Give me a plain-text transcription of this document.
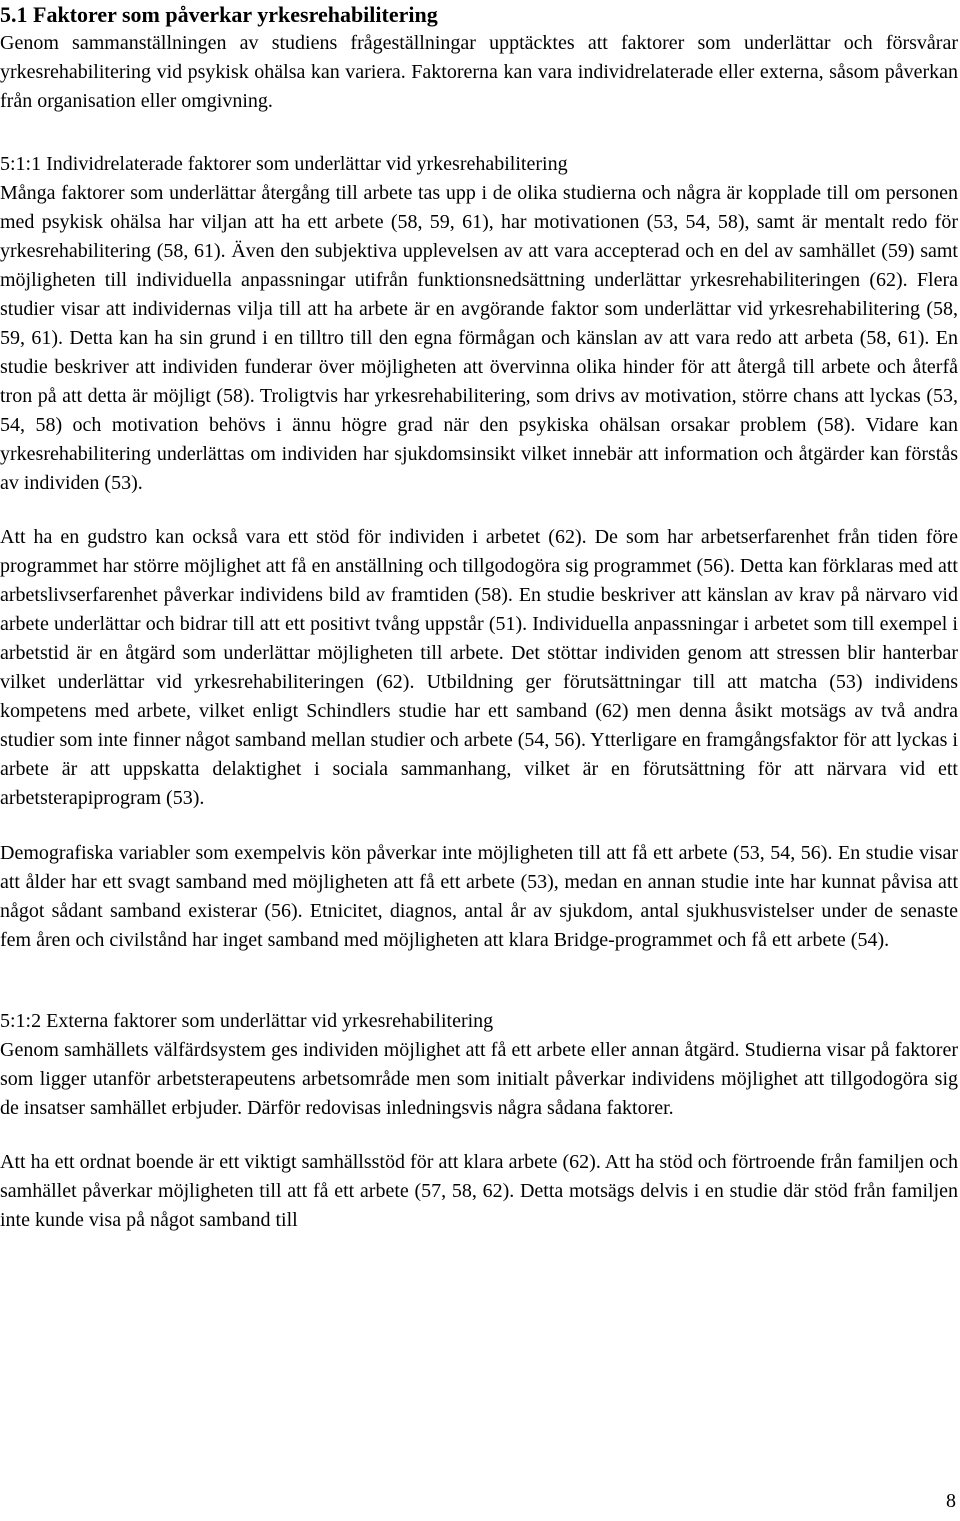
5.1 Faktorer som påverkar yrkesrehabilitering

Genom sammanställningen av studiens frågeställningar upptäcktes att faktorer som underlättar och försvårar yrkesrehabilitering vid psykisk ohälsa kan variera. Faktorerna kan vara individrelaterade eller externa, såsom påverkan från organisation eller omgivning.

5:1:1 Individrelaterade faktorer som underlättar vid yrkesrehabilitering

Många faktorer som underlättar återgång till arbete tas upp i de olika studierna och några är kopplade till om personen med psykisk ohälsa har viljan att ha ett arbete (58, 59, 61), har motivationen (53, 54, 58), samt är mentalt redo för yrkesrehabilitering (58, 61). Även den subjektiva upplevelsen av att vara accepterad och en del av samhället (59) samt möjligheten till individuella anpassningar utifrån funktionsnedsättning underlättar yrkesrehabiliteringen (62). Flera studier visar att individernas vilja till att ha arbete är en avgörande faktor som underlättar vid yrkesrehabilitering (58, 59, 61). Detta kan ha sin grund i en tilltro till den egna förmågan och känslan av att vara redo att arbeta (58, 61). En studie beskriver att individen funderar över möjligheten att övervinna olika hinder för att återgå till arbete och återfå tron på att detta är möjligt (58). Troligtvis har yrkesrehabilitering, som drivs av motivation, större chans att lyckas (53, 54, 58) och motivation behövs i ännu högre grad när den psykiska ohälsan orsakar problem (58). Vidare kan yrkesrehabilitering underlättas om individen har sjukdomsinsikt vilket innebär att information och åtgärder kan förstås av individen (53).

Att ha en gudstro kan också vara ett stöd för individen i arbetet (62). De som har arbetserfarenhet från tiden före programmet har större möjlighet att få en anställning och tillgodogöra sig programmet (56). Detta kan förklaras med att arbetslivserfarenhet påverkar individens bild av framtiden (58). En studie beskriver att känslan av krav på närvaro vid arbete underlättar och bidrar till att ett positivt tvång uppstår (51). Individuella anpassningar i arbetet som till exempel i arbetstid är en åtgärd som underlättar möjligheten till arbete. Det stöttar individen genom att stressen blir hanterbar vilket underlättar vid yrkesrehabiliteringen (62). Utbildning ger förutsättningar till att matcha (53) individens kompetens med arbete, vilket enligt Schindlers studie har ett samband (62) men denna åsikt motsägs av två andra studier som inte finner något samband mellan studier och arbete (54, 56). Ytterligare en framgångsfaktor för att lyckas i arbete är att uppskatta delaktighet i sociala sammanhang, vilket är en förutsättning för att närvara vid ett arbetsterapiprogram (53).

Demografiska variabler som exempelvis kön påverkar inte möjligheten till att få ett arbete (53, 54, 56). En studie visar att ålder har ett svagt samband med möjligheten att få ett arbete (53), medan en annan studie inte har kunnat påvisa att något sådant samband existerar (56). Etnicitet, diagnos, antal år av sjukdom, antal sjukhusvistelser under de senaste fem åren och civilstånd har inget samband med möjligheten att klara Bridge-programmet och få ett arbete (54).

5:1:2 Externa faktorer som underlättar vid yrkesrehabilitering

Genom samhällets välfärdsystem ges individen möjlighet att få ett arbete eller annan åtgärd. Studierna visar på faktorer som ligger utanför arbetsterapeutens arbetsområde men som initialt påverkar individens möjlighet att tillgodogöra sig de insatser samhället erbjuder. Därför redovisas inledningsvis några sådana faktorer.

Att ha ett ordnat boende är ett viktigt samhällsstöd för att klara arbete (62). Att ha stöd och förtroende från familjen och samhället påverkar möjligheten till att få ett arbete (57, 58, 62). Detta motsägs delvis i en studie där stöd från familjen inte kunde visa på något samband till

8
